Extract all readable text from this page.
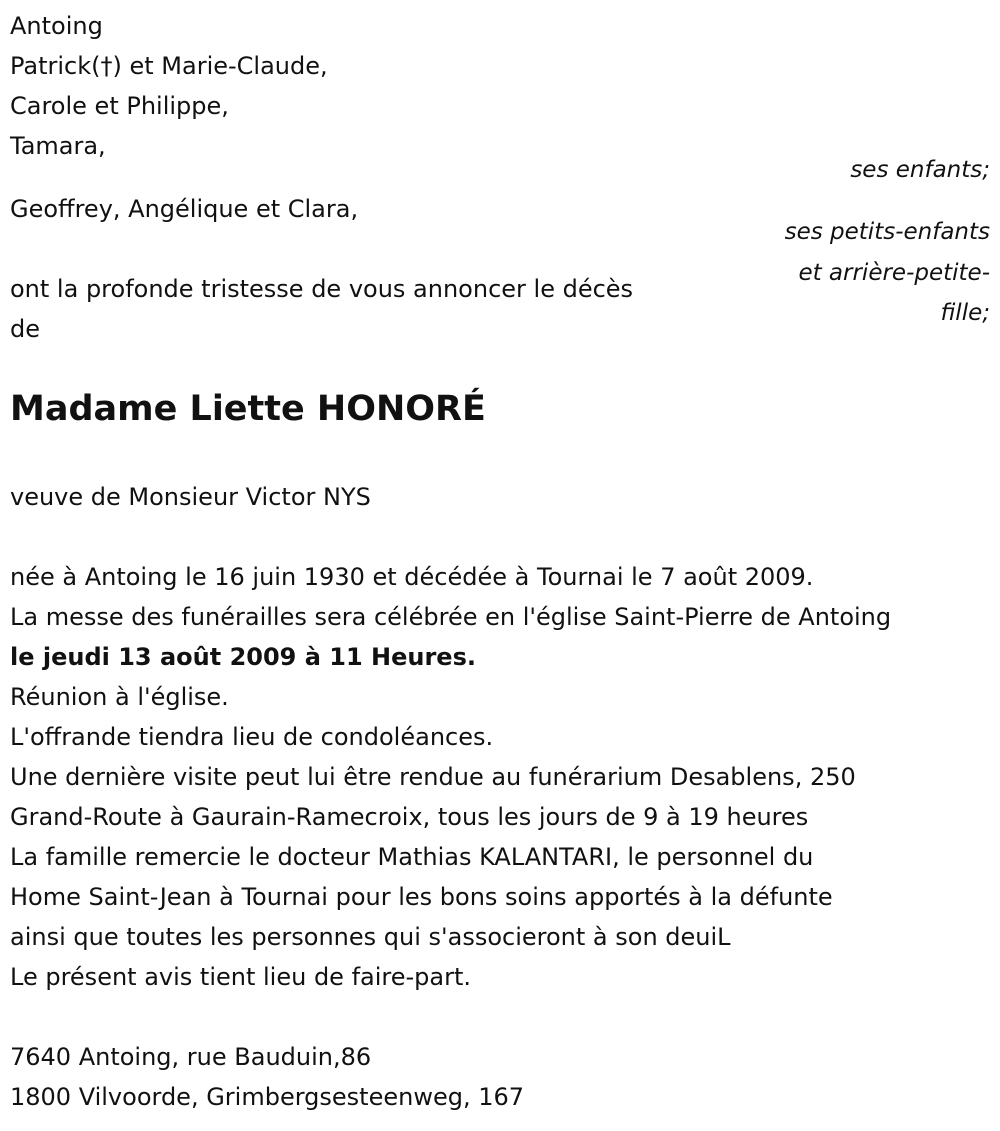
Antoing
Patrick(†) et Marie-Claude,
Carole et Philippe,
Tamara,
ses enfants;
Geoffrey, Angélique et Clara,
ses petits-enfants
et arrière-petite-
fille;
ont la profonde tristesse de vous annoncer le décès
de
Madame Liette HONORÉ
veuve de Monsieur Victor NYS
née à Antoing le 16 juin 1930 et décédée à Tournai le 7 août 2009.
La messe des funérailles sera célébrée en l'église Saint-Pierre de Antoing
le jeudi 13 août 2009 à 11 Heures.
Réunion à l'église.
L'offrande tiendra lieu de condoléances.
Une dernière visite peut lui être rendue au funérarium Desablens, 250
Grand-Route à Gaurain-Ramecroix, tous les jours de 9 à 19 heures
La famille remercie le docteur Mathias KALANTARI, le personnel du
Home Saint-Jean à Tournai pour les bons soins apportés à la défunte
ainsi que toutes les personnes qui s'associeront à son deuiL
Le présent avis tient lieu de faire-part.
7640 Antoing, rue Bauduin,86
1800 Vilvoorde, Grimbergsesteenweg, 167
